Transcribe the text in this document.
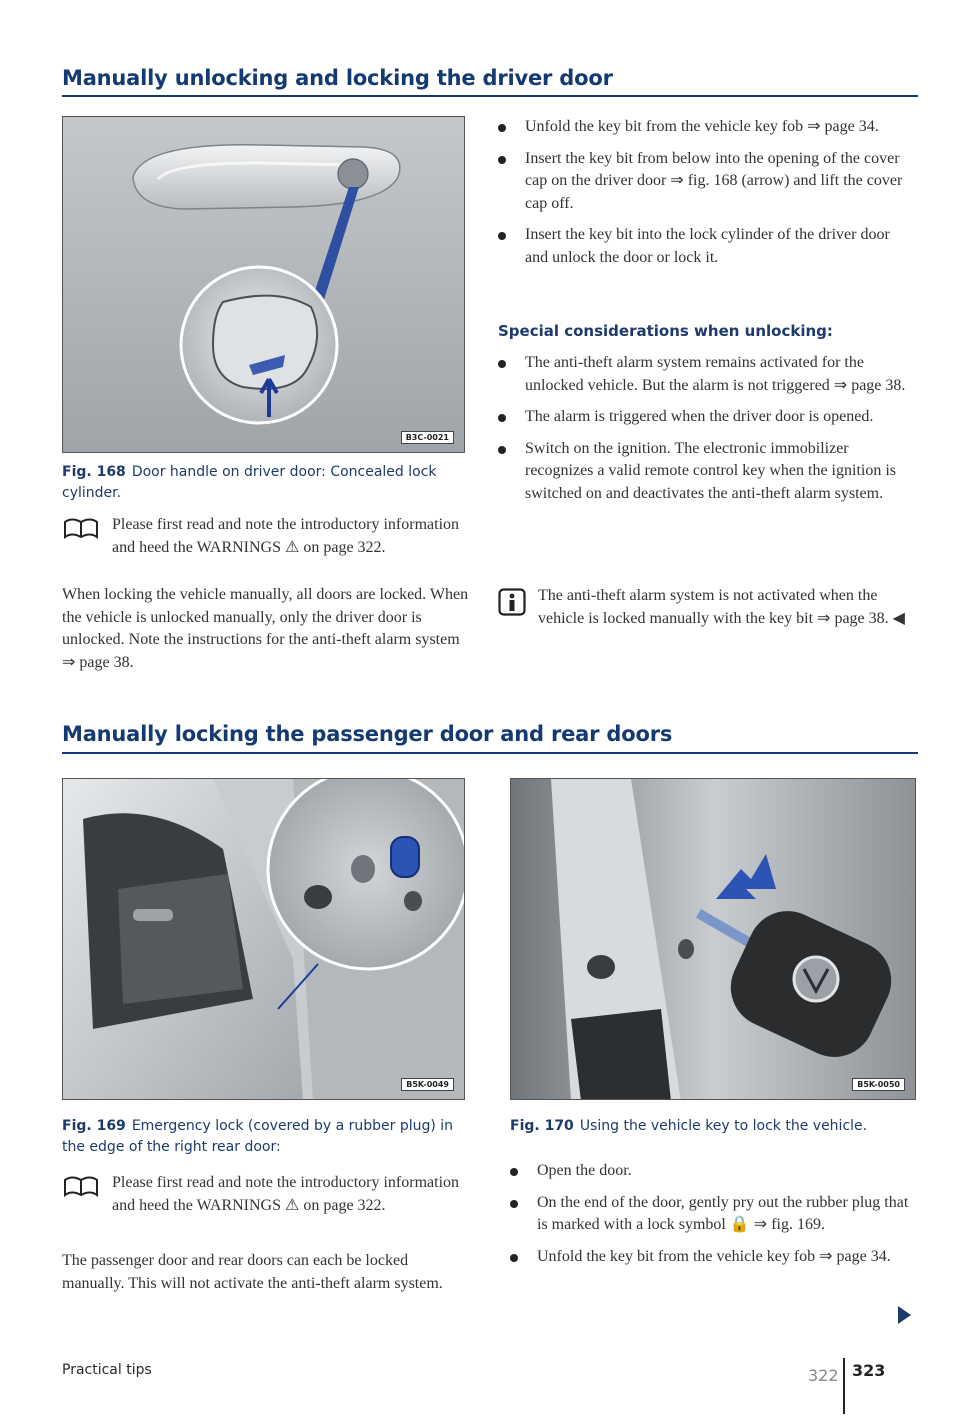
Manually unlocking and locking the driver door
B3C-0021
Fig. 168 Door handle on driver door: Concealed lock cylinder.
Please first read and note the introductory information and heed the WARNINGS ⚠ on page 322.
When locking the vehicle manually, all doors are locked. When the vehicle is unlocked manually, only the driver door is unlocked. Note the instructions for the anti-theft alarm system ⇒ page 38.
Unfold the key bit from the vehicle key fob ⇒ page 34.
Insert the key bit from below into the opening of the cover cap on the driver door ⇒ fig. 168 (arrow) and lift the cover cap off.
Insert the key bit into the lock cylinder of the driver door and unlock the door or lock it.
Special considerations when unlocking:
The anti-theft alarm system remains activated for the unlocked vehicle. But the alarm is not triggered ⇒ page 38.
The alarm is triggered when the driver door is opened.
Switch on the ignition. The electronic immobilizer recognizes a valid remote control key when the ignition is switched on and deactivates the anti-theft alarm system.
The anti-theft alarm system is not activated when the vehicle is locked manually with the key bit ⇒ page 38. ◀
Manually locking the passenger door and rear doors
B5K-0049
Fig. 169 Emergency lock (covered by a rubber plug) in the edge of the right rear door:
Please first read and note the introductory information and heed the WARNINGS ⚠ on page 322.
The passenger door and rear doors can each be locked manually. This will not activate the anti-theft alarm system.
B5K-0050
Fig. 170 Using the vehicle key to lock the vehicle.
Open the door.
On the end of the door, gently pry out the rubber plug that is marked with a lock symbol 🔒 ⇒ fig. 169.
Unfold the key bit from the vehicle key fob ⇒ page 34.
Practical tips	322 323
